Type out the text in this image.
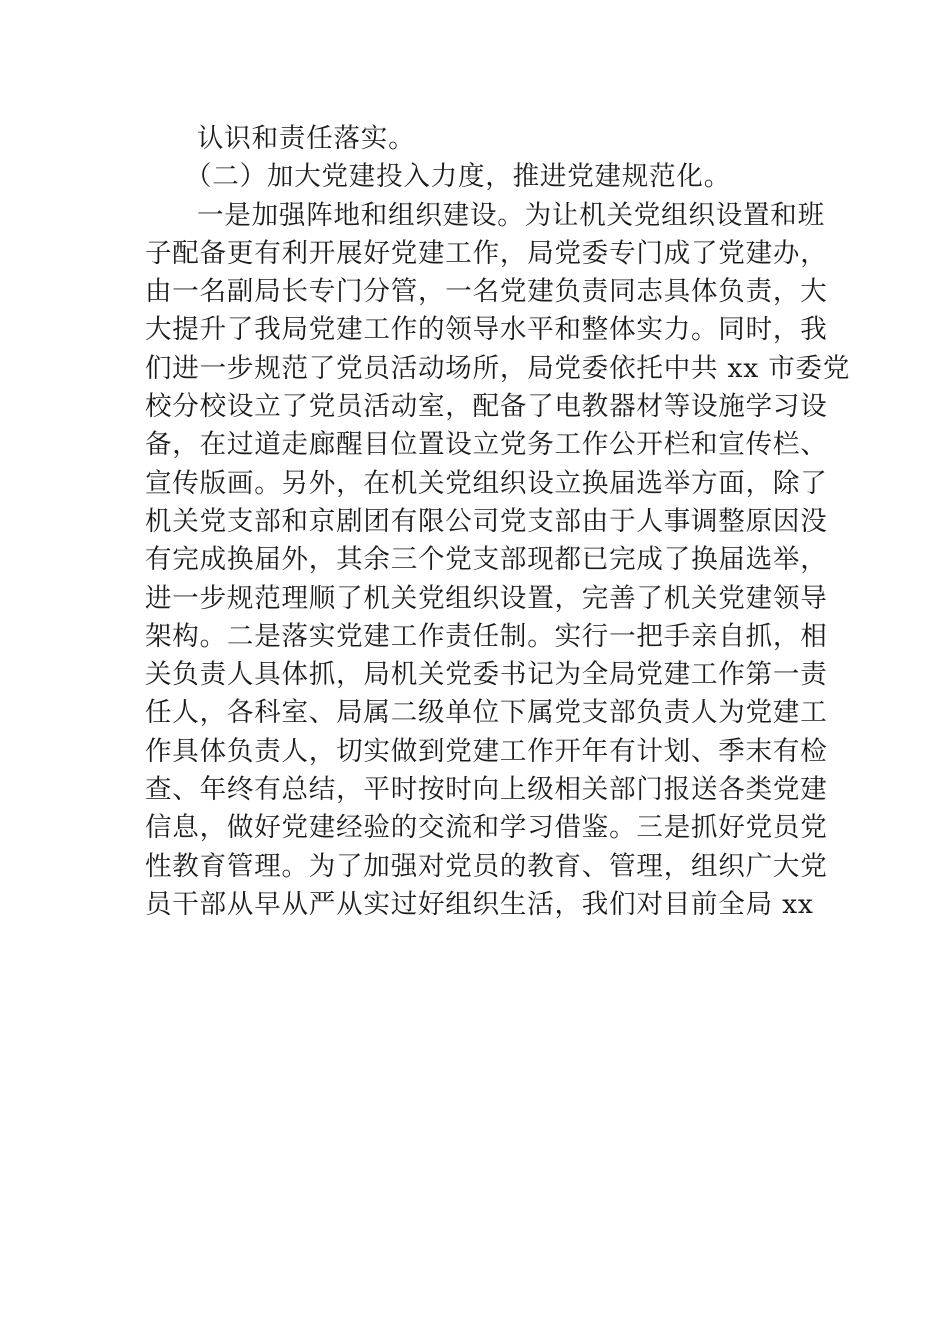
认识和责任落实。
（二）加大党建投入力度，推进党建规范化。
一是加强阵地和组织建设。为让机关党组织设置和班
子配备更有利开展好党建工作，局党委专门成了党建办，
由一名副局长专门分管，一名党建负责同志具体负责，大
大提升了我局党建工作的领导水平和整体实力。同时，我
们进一步规范了党员活动场所，局党委依托中共 xx 市委党
校分校设立了党员活动室，配备了电教器材等设施学习设
备，在过道走廊醒目位置设立党务工作公开栏和宣传栏、
宣传版画。另外，在机关党组织设立换届选举方面，除了
机关党支部和京剧团有限公司党支部由于人事调整原因没
有完成换届外，其余三个党支部现都已完成了换届选举，
进一步规范理顺了机关党组织设置，完善了机关党建领导
架构。二是落实党建工作责任制。实行一把手亲自抓，相
关负责人具体抓，局机关党委书记为全局党建工作第一责
任人，各科室、局属二级单位下属党支部负责人为党建工
作具体负责人，切实做到党建工作开年有计划、季末有检
查、年终有总结，平时按时向上级相关部门报送各类党建
信息，做好党建经验的交流和学习借鉴。三是抓好党员党
性教育管理。为了加强对党员的教育、管理，组织广大党
员干部从早从严从实过好组织生活，我们对目前全局 xx
